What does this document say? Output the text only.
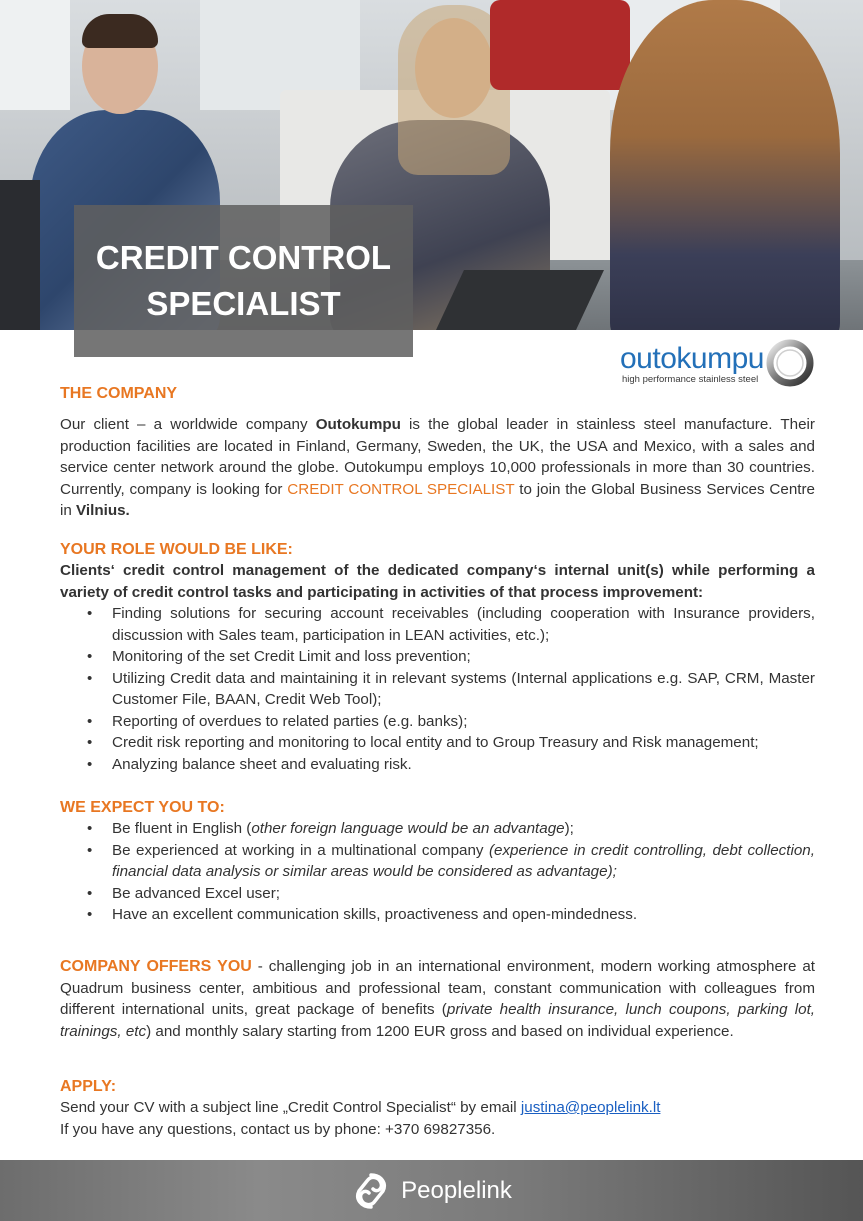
CREDIT CONTROL
SPECIALIST
outokumpu
high performance stainless steel
THE COMPANY
Our client – a worldwide company Outokumpu is the global leader in stainless steel manufacture. Their production facilities are located in Finland, Germany, Sweden, the UK, the USA and Mexico, with a sales and service center network around the globe. Outokumpu employs 10,000 professionals in more than 30 countries. Currently, company is looking for CREDIT CONTROL SPECIALIST to join the Global Business Services Centre in Vilnius.
YOUR ROLE WOULD BE LIKE:
Clients‘ credit control management of the dedicated company‘s internal unit(s) while performing a variety of credit control tasks and participating in activities of that process improvement:
• Finding solutions for securing account receivables (including cooperation with Insurance providers, discussion with Sales team, participation in LEAN activities, etc.);
• Monitoring of the set Credit Limit and loss prevention;
• Utilizing Credit data and maintaining it in relevant systems (Internal applications e.g. SAP, CRM, Master Customer File, BAAN, Credit Web Tool);
• Reporting of overdues to related parties (e.g. banks);
• Credit risk reporting and monitoring to local entity and to Group Treasury and Risk management;
• Analyzing balance sheet and evaluating risk.
WE EXPECT YOU TO:
• Be fluent in English (other foreign language would be an advantage);
• Be experienced at working in a multinational company (experience in credit controlling, debt collection, financial data analysis or similar areas would be considered as advantage);
• Be advanced Excel user;
• Have an excellent communication skills, proactiveness and open-mindedness.
COMPANY OFFERS YOU - challenging job in an international environment, modern working atmosphere at Quadrum business center, ambitious and professional team, constant communication with colleagues from different international units, great package of benefits (private health insurance, lunch coupons, parking lot, trainings, etc) and monthly salary starting from 1200 EUR gross and based on individual experience.
APPLY:
Send your CV with a subject line „Credit Control Specialist“ by email justina@peoplelink.lt
If you have any questions, contact us by phone: +370 69827356.
Peoplelink
